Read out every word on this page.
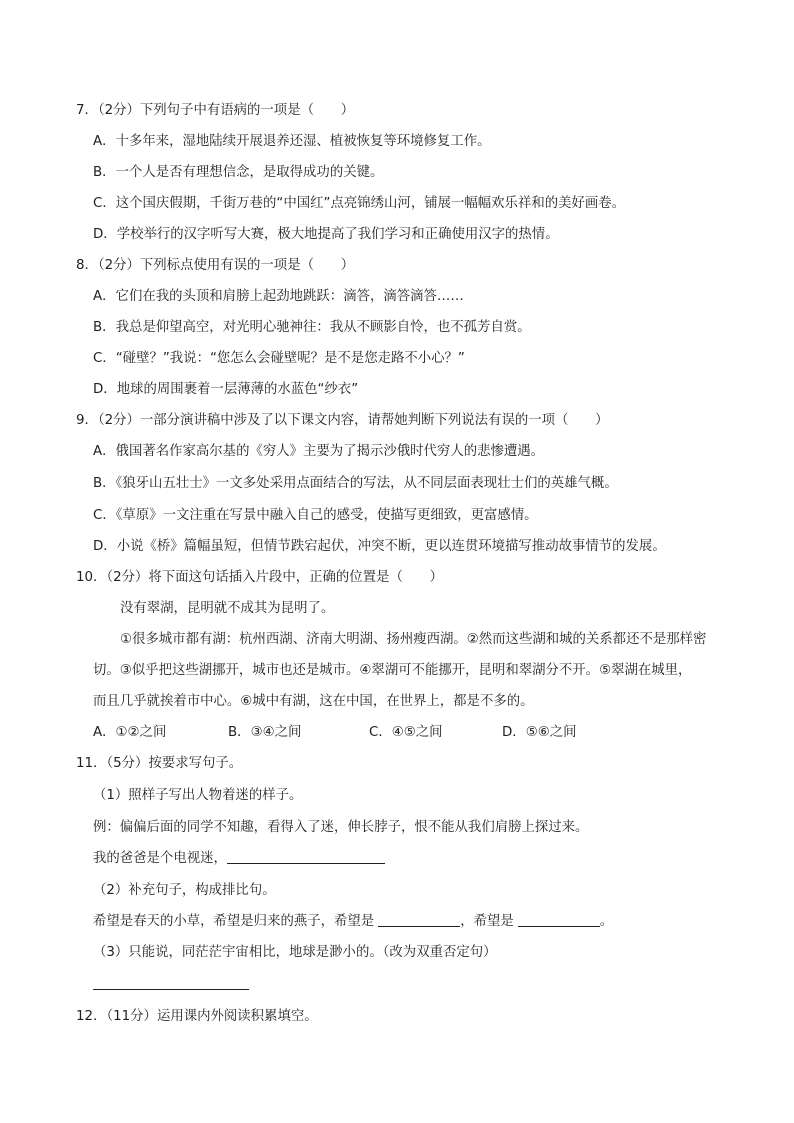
7．（2分）下列句子中有语病的一项是（　　）
A．十多年来，湿地陆续开展退养还湿、植被恢复等环境修复工作。
B．一个人是否有理想信念，是取得成功的关键。
C．这个国庆假期，千街万巷的“中国红”点亮锦绣山河，铺展一幅幅欢乐祥和的美好画卷。
D．学校举行的汉字听写大赛，极大地提高了我们学习和正确使用汉字的热情。
8．（2分）下列标点使用有误的一项是（　　）
A．它们在我的头顶和肩膀上起劲地跳跃：滴答，滴答滴答……
B．我总是仰望高空，对光明心驰神往：我从不顾影自怜，也不孤芳自赏。
C．“碰壁？”我说：“您怎么会碰壁呢？是不是您走路不小心？”
D．地球的周围裹着一层薄薄的水蓝色“纱衣”
9．（2分）一部分演讲稿中涉及了以下课文内容，请帮她判断下列说法有误的一项（　　）
A．俄国著名作家高尔基的《穷人》主要为了揭示沙俄时代穷人的悲惨遭遇。
B．《狼牙山五壮士》一文多处采用点面结合的写法，从不同层面表现壮士们的英雄气概。
C．《草原》一文注重在写景中融入自己的感受，使描写更细致，更富感情。
D．小说《桥》篇幅虽短，但情节跌宕起伏，冲突不断，更以连贯环境描写推动故事情节的发展。
10．（2分）将下面这句话插入片段中，正确的位置是（　　）
没有翠湖，昆明就不成其为昆明了。
①很多城市都有湖：杭州西湖、济南大明湖、扬州瘦西湖。②然而这些湖和城的关系都还不是那样密
切。③似乎把这些湖挪开，城市也还是城市。④翠湖可不能挪开，昆明和翠湖分不开。⑤翠湖在城里，
而且几乎就挨着市中心。⑥城中有湖，这在中国，在世界上，都是不多的。
A．①②之间	B．③④之间	C．④⑤之间	D．⑤⑥之间
11．（5分）按要求写句子。
（1）照样子写出人物着迷的样子。
例：偏偏后面的同学不知趣，看得入了迷，伸长脖子，恨不能从我们肩膀上探过来。
我的爸爸是个电视迷，
（2）补充句子，构成排比句。
希望是春天的小草，希望是归来的燕子，希望是	，希望是	。
（3）只能说，同茫茫宇宙相比，地球是渺小的。（改为双重否定句）
12．（11分）运用课内外阅读积累填空。
